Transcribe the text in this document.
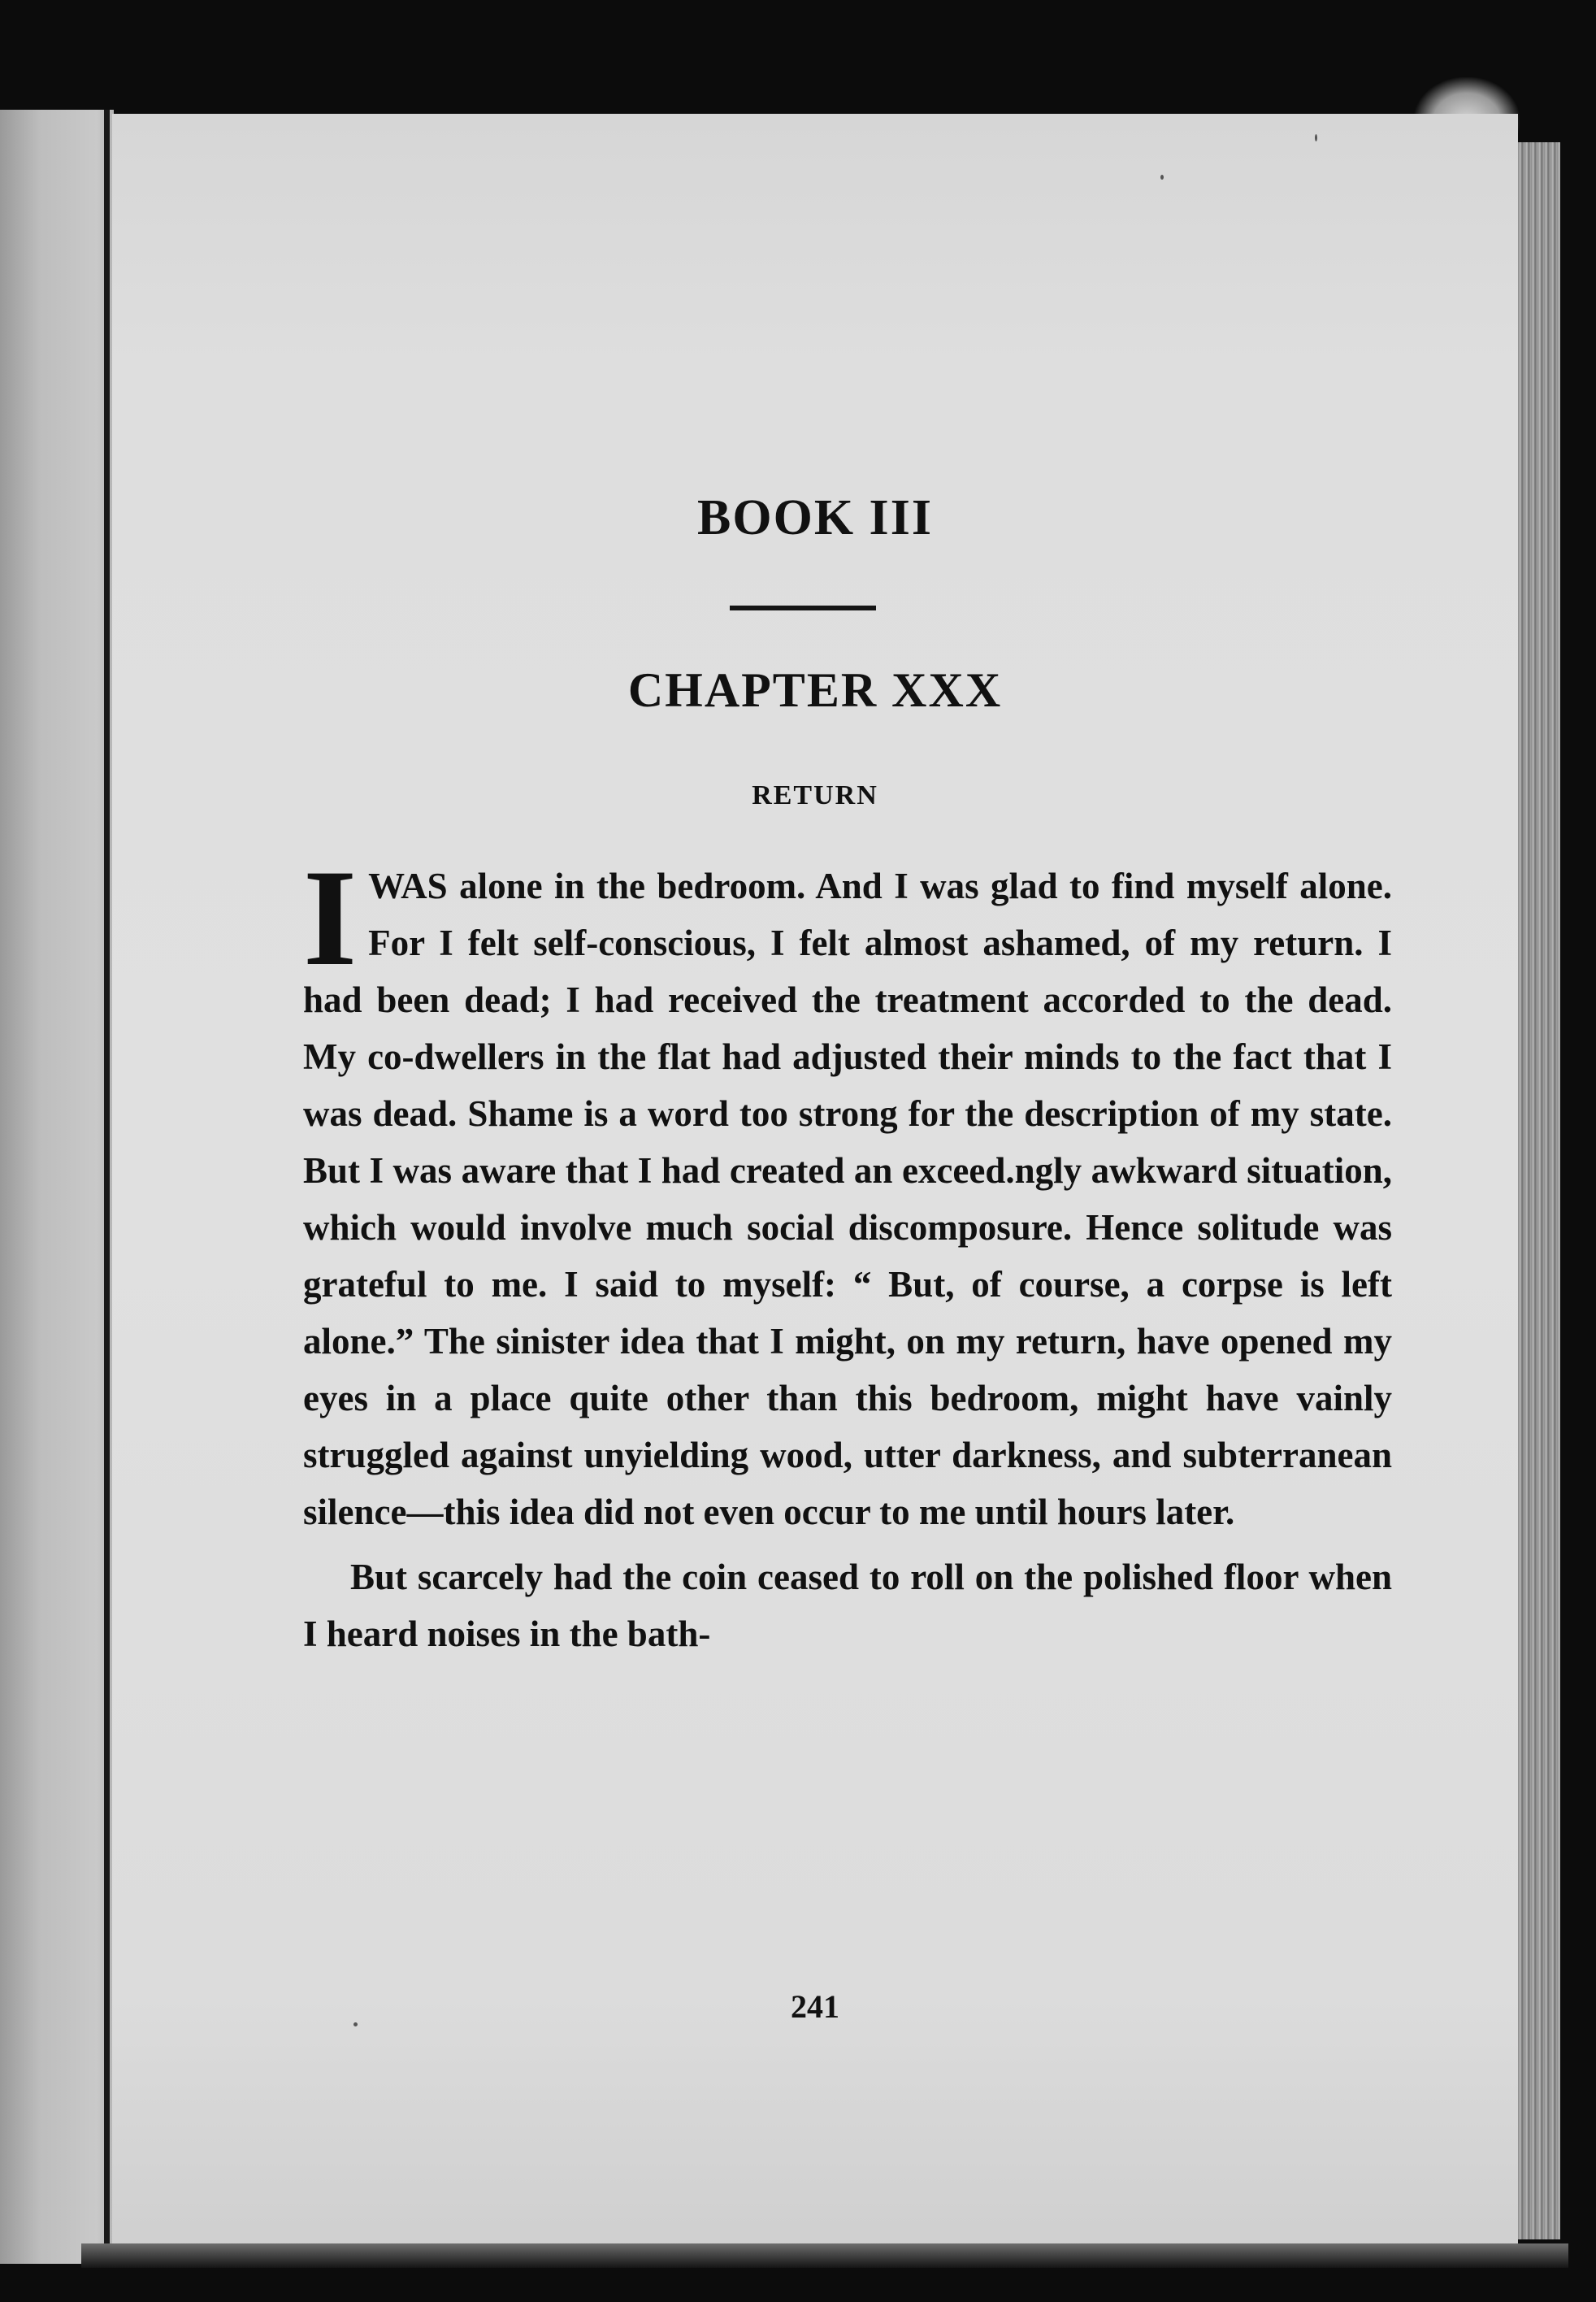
BOOK III
CHAPTER XXX
RETURN

IWAS alone in the bedroom. And I was glad to find myself alone. For I felt self-conscious, I felt almost ashamed, of my return. I had been dead; I had received the treatment accorded to the dead. My co-dwellers in the flat had adjusted their minds to the fact that I was dead. Shame is a word too strong for the description of my state. But I was aware that I had created an exceed.ngly awkward situation, which would involve much social discomposure. Hence solitude was grateful to me. I said to myself: “ But, of course, a corpse is left alone.” The sinister idea that I might, on my return, have opened my eyes in a place quite other than this bedroom, might have vainly struggled against unyielding wood, utter darkness, and subterranean silence—this idea did not even occur to me until hours later.

But scarcely had the coin ceased to roll on the polished floor when I heard noises in the bath-

241
